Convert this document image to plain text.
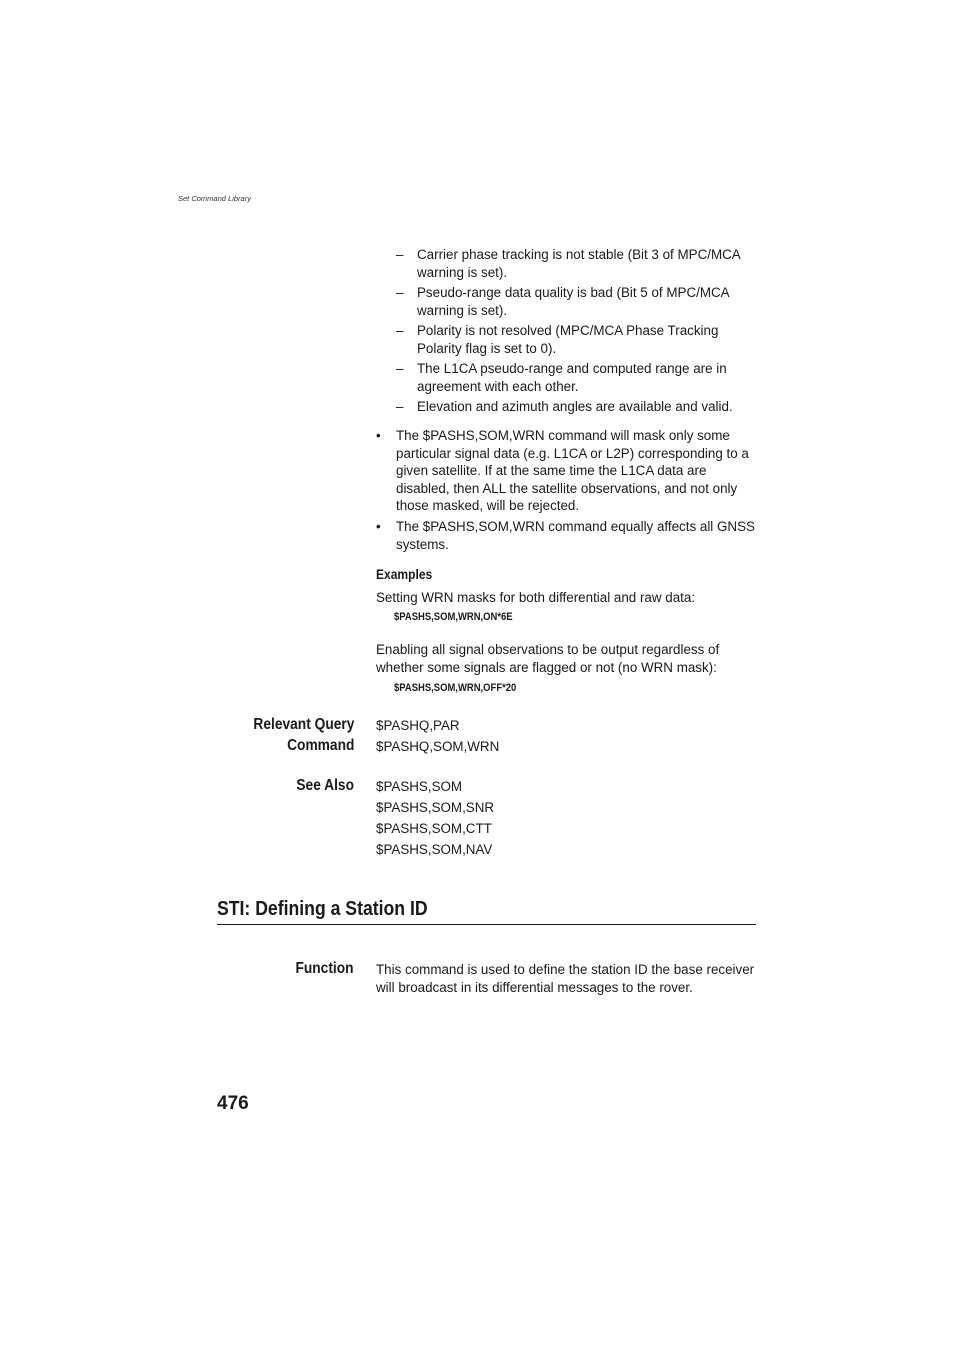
Set Command Library
– Carrier phase tracking is not stable (Bit 3 of MPC/MCA warning is set).
– Pseudo-range data quality is bad (Bit 5 of MPC/MCA warning is set).
– Polarity is not resolved (MPC/MCA Phase Tracking Polarity flag is set to 0).
– The L1CA pseudo-range and computed range are in agreement with each other.
– Elevation and azimuth angles are available and valid.
• The $PASHS,SOM,WRN command will mask only some particular signal data (e.g. L1CA or L2P) corresponding to a given satellite. If at the same time the L1CA data are disabled, then ALL the satellite observations, and not only those masked, will be rejected.
• The $PASHS,SOM,WRN command equally affects all GNSS systems.
Examples
Setting WRN masks for both differential and raw data:
$PASHS,SOM,WRN,ON*6E
Enabling all signal observations to be output regardless of whether some signals are flagged or not (no WRN mask):
$PASHS,SOM,WRN,OFF*20
Relevant Query
Command
$PASHQ,PAR
$PASHQ,SOM,WRN
See Also $PASHS,SOM
$PASHS,SOM,SNR
$PASHS,SOM,CTT
$PASHS,SOM,NAV
STI: Defining a Station ID
Function This command is used to define the station ID the base receiver will broadcast in its differential messages to the rover.
476
